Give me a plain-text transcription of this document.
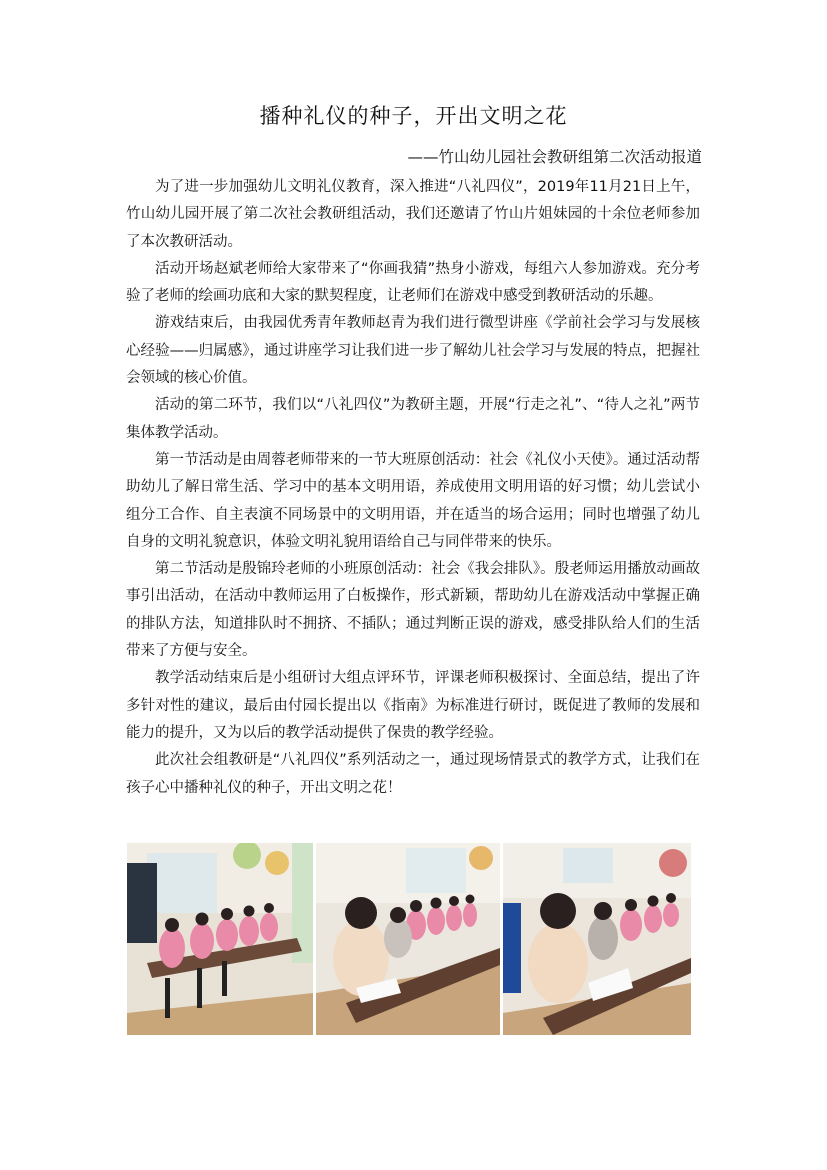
播种礼仪的种子，开出文明之花
——竹山幼儿园社会教研组第二次活动报道

为了进一步加强幼儿文明礼仪教育，深入推进“八礼四仪”，2019年11月21日上午，竹山幼儿园开展了第二次社会教研组活动，我们还邀请了竹山片姐妹园的十余位老师参加了本次教研活动。

活动开场赵斌老师给大家带来了“你画我猜”热身小游戏，每组六人参加游戏。充分考验了老师的绘画功底和大家的默契程度，让老师们在游戏中感受到教研活动的乐趣。

游戏结束后，由我园优秀青年教师赵青为我们进行微型讲座《学前社会学习与发展核心经验——归属感》，通过讲座学习让我们进一步了解幼儿社会学习与发展的特点，把握社会领域的核心价值。

活动的第二环节，我们以“八礼四仪”为教研主题，开展“行走之礼”、“待人之礼”两节集体教学活动。

第一节活动是由周蓉老师带来的一节大班原创活动：社会《礼仪小天使》。通过活动帮助幼儿了解日常生活、学习中的基本文明用语，养成使用文明用语的好习惯；幼儿尝试小组分工合作、自主表演不同场景中的文明用语，并在适当的场合运用；同时也增强了幼儿自身的文明礼貌意识，体验文明礼貌用语给自己与同伴带来的快乐。

第二节活动是殷锦玲老师的小班原创活动：社会《我会排队》。殷老师运用播放动画故事引出活动，在活动中教师运用了白板操作，形式新颖，帮助幼儿在游戏活动中掌握正确的排队方法，知道排队时不拥挤、不插队；通过判断正误的游戏，感受排队给人们的生活带来了方便与安全。

教学活动结束后是小组研讨大组点评环节，评课老师积极探讨、全面总结，提出了许多针对性的建议，最后由付园长提出以《指南》为标准进行研讨，既促进了教师的发展和能力的提升，又为以后的教学活动提供了保贵的教学经验。

此次社会组教研是“八礼四仪”系列活动之一，通过现场情景式的教学方式，让我们在孩子心中播种礼仪的种子，开出文明之花！
